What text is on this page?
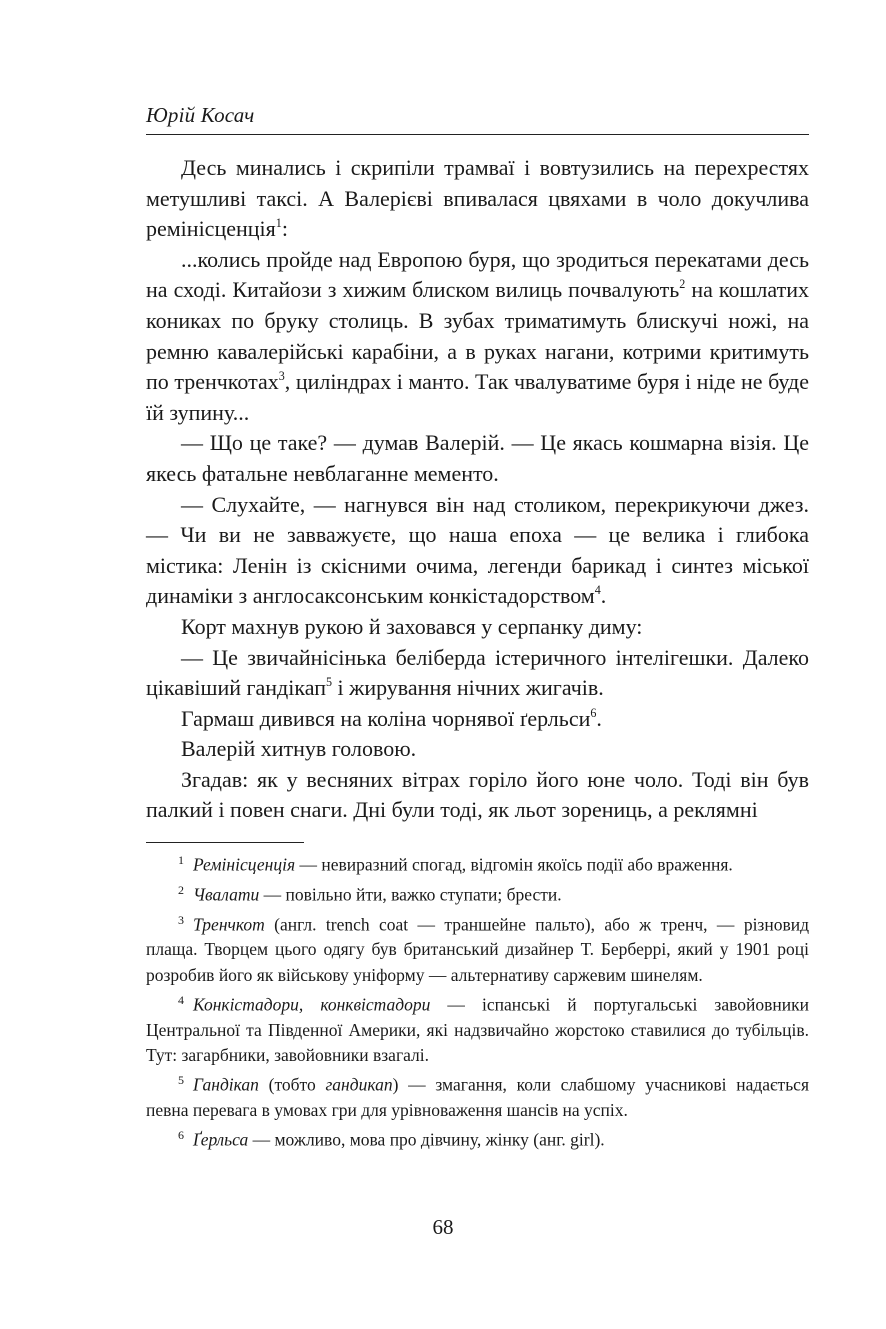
Юрій Косач

Десь минались і скрипіли трамваї і вовтузились на перехрестях метушливі таксі. А Валерієві впивалася цвяхами в чоло докучлива ремінісценція$^1$:

...колись пройде над Европою буря, що зродиться перекатами десь на сході. Китайози з хижим блиском вилиць почвалують$^2$ на кошлатих кониках по бруку столиць. В зубах триматимуть блискучі ножі, на ремню кавалерійські карабіни, а в руках нагани, котрими критимуть по тренчкотах$^3$, циліндрах і манто. Так чвалуватиме буря і ніде не буде їй зупину...

— Що це таке? — думав Валерій. — Це якась кошмарна візія. Це якесь фатальне невблаганне мементо.

— Слухайте, — нагнувся він над столиком, перекрикуючи джез. — Чи ви не завважуєте, що наша епоха — це велика і глибока містика: Ленін із скісними очима, легенди барикад і синтез міської динаміки з англосаксонським конкістадорством$^4$.

Корт махнув рукою й заховався у серпанку диму:

— Це звичайнісінька белібердa істеричного інтелігешки. Далеко цікавіший гандікап$^5$ і жирування нічних жигачів.

Гармаш дивився на коліна чорнявої ґерльси$^6$.

Валерій хитнув головою.

Згадав: як у весняних вітрах горіло його юне чоло. Тоді він був палкий і повен снаги. Дні були тоді, як льот зорениць, а реклямні

$^1$ Ремінісценція — невиразний спогад, відгомін якоїсь події або враження.

$^2$ Чвалати — повільно йти, важко ступати; брести.

$^3$ Тренчкот (англ. trench coat — траншейне пальто), або ж тренч, — різновид плаща. Творцем цього одягу був британський дизайнер Т. Берберрі, який у 1901 році розробив його як військову уніформу — альтернативу саржевим шинелям.

$^4$ Конкістадори, конквістадори — іспанські й португальські завойовники Центральної та Південної Америки, які надзвичайно жорстоко ставилися до тубільців. Тут: загарбники, завойовники взагалі.

$^5$ Гандікап (тобто гандикап) — змагання, коли слабшому учасникові надається певна перевага в умовах гри для урівноваження шансів на успіх.

$^6$ Ґерльса — можливо, мова про дівчину, жінку (анг. girl).

68
